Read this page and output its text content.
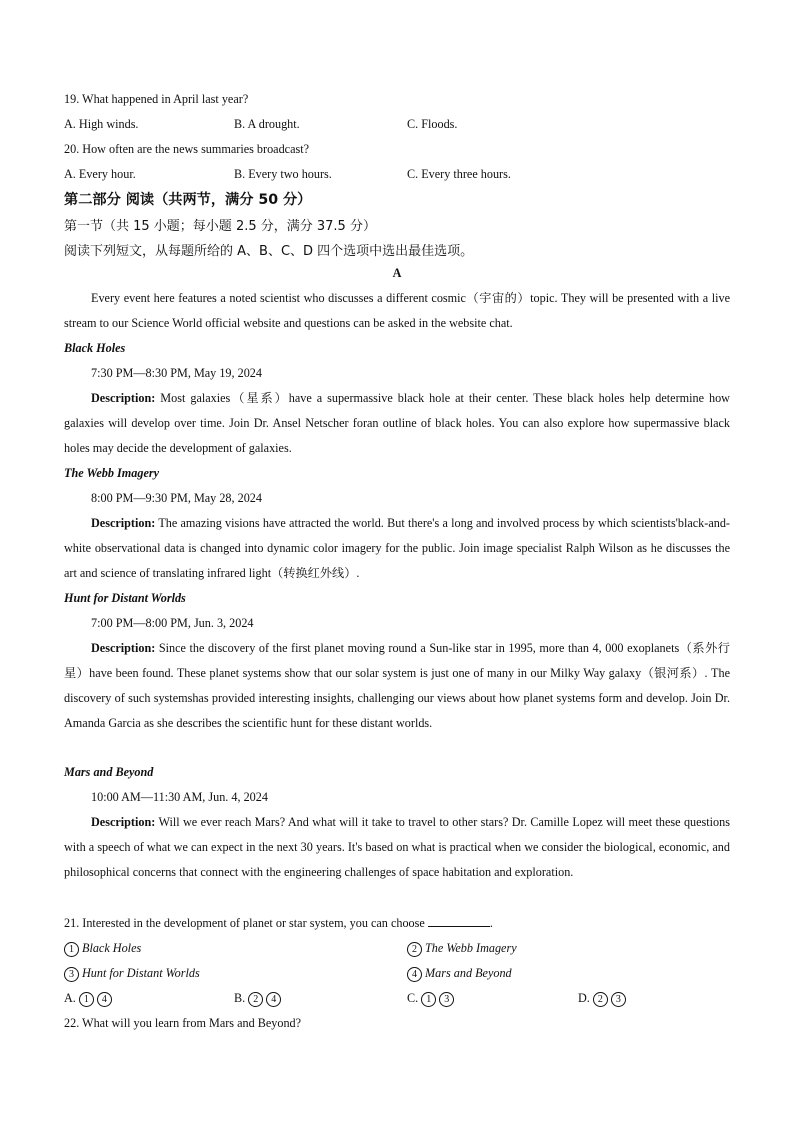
19. What happened in April last year?
A. High winds.	B. A drought.	C. Floods.
20. How often are the news summaries broadcast?
A. Every hour.	B. Every two hours.	C. Every three hours.
第二部分 阅读（共两节，满分 50 分）
第一节（共 15 小题；每小题 2.5 分，满分 37.5 分）
阅读下列短文，从每题所给的 A、B、C、D 四个选项中选出最佳选项。
A
Every event here features a noted scientist who discusses a different cosmic（宇宙的）topic. They will be presented with a live stream to our Science World official website and questions can be asked in the website chat.
Black Holes
7:30 PM—8:30 PM, May 19, 2024
Description: Most galaxies（星系）have a supermassive black hole at their center. These black holes help determine how galaxies will develop over time. Join Dr. Ansel Netscher foran outline of black holes. You can also explore how supermassive black holes may decide the development of galaxies.
The Webb Imagery
8:00 PM—9:30 PM, May 28, 2024
Description: The amazing visions have attracted the world. But there's a long and involved process by which scientists'black-and-white observational data is changed into dynamic color imagery for the public. Join image specialist Ralph Wilson as he discusses the art and science of translating infrared light（转换红外线）.
Hunt for Distant Worlds
7:00 PM—8:00 PM, Jun. 3, 2024
Description: Since the discovery of the first planet moving round a Sun-like star in 1995, more than 4, 000 exoplanets（系外行星）have been found. These planet systems show that our solar system is just one of many in our Milky Way galaxy（银河系）. The discovery of such systemshas provided interesting insights, challenging our views about how planet systems form and develop. Join Dr. Amanda Garcia as she describes the scientific hunt for these distant worlds.
Mars and Beyond
10:00 AM—11:30 AM, Jun. 4, 2024
Description: Will we ever reach Mars? And what will it take to travel to other stars? Dr. Camille Lopez will meet these questions with a speech of what we can expect in the next 30 years. It's based on what is practical when we consider the biological, economic, and philosophical concerns that connect with the engineering challenges of space habitation and exploration.
21. Interested in the development of planet or star system, you can choose	.
1 Black Holes	2 The Webb Imagery
3 Hunt for Distant Worlds	4 Mars and Beyond
A. 1 4	B. 2 4	C. 1 3	D. 2 3
22. What will you learn from Mars and Beyond?
